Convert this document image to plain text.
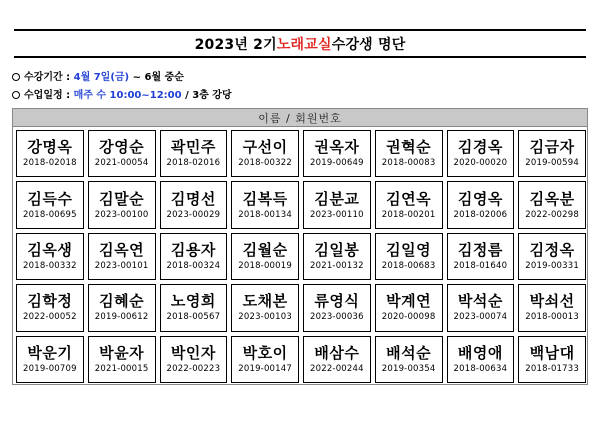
2023년 2기 노래교실 수강생 명단
수강기간 : 4월 7일(금) ~ 6월 중순
수업일정 : 매주 수 10:00~12:00 / 3층 강당
이름 / 회원번호
강명옥
2018-02018
강영순
2021-00054
곽민주
2018-02016
구선이
2018-00322
권옥자
2019-00649
권혁순
2018-00083
김경옥
2020-00020
김금자
2019-00594
김득수
2018-00695
김말순
2023-00100
김명선
2023-00029
김복득
2018-00134
김분교
2023-00110
김연옥
2018-00201
김영옥
2018-02006
김옥분
2022-00298
김옥생
2018-00332
김옥연
2023-00101
김용자
2018-00324
김월순
2018-00019
김일봉
2021-00132
김일영
2018-00683
김정름
2018-01640
김정옥
2019-00331
김학정
2022-00052
김혜순
2019-00612
노영희
2018-00567
도채본
2023-00103
류영식
2023-00036
박계연
2020-00098
박석순
2023-00074
박쇠선
2018-00013
박운기
2019-00709
박윤자
2021-00015
박인자
2022-00223
박호이
2019-00147
배삼수
2022-00244
배석순
2019-00354
배영애
2018-00634
백남대
2018-01733
